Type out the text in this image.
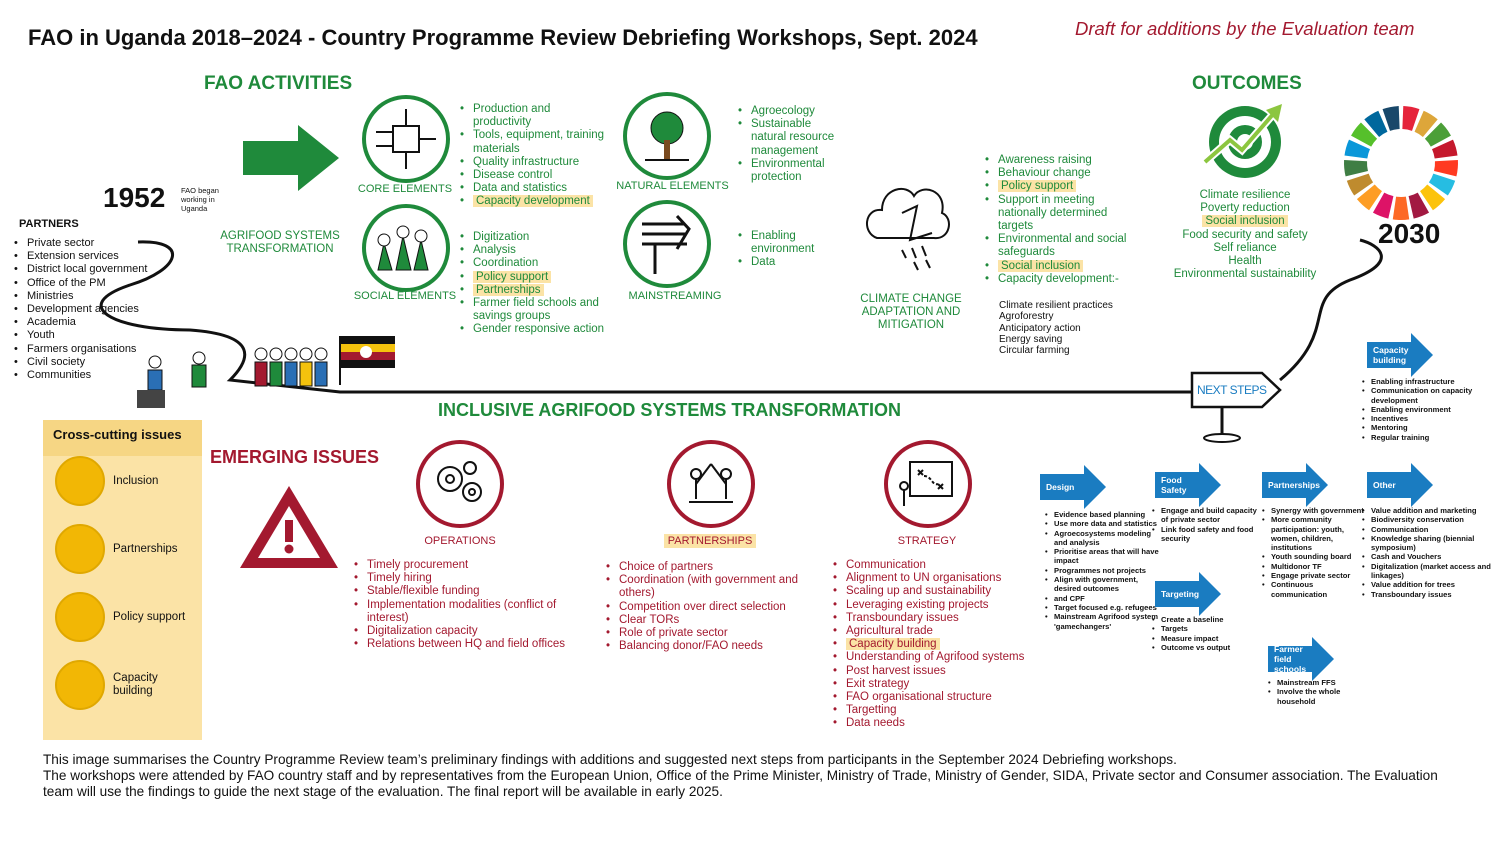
FAO in Uganda 2018–2024 - Country Programme Review Debriefing Workshops, Sept. 2024	Draft for additions by the Evaluation team
FAO ACTIVITIES
1952 FAO began working in Uganda
PARTNERS
• Private sector
• Extension services
• District local government
• Office of the PM
• Ministries
• Development agencies
• Academia
• Youth
• Farmers organisations
• Civil society
• Communities
AGRIFOOD SYSTEMS TRANSFORMATION
NEXT STEPS
INCLUSIVE AGRIFOOD SYSTEMS TRANSFORMATION
CORE ELEMENTS
• Production and productivity
• Tools, equipment, training materials
• Quality infrastructure
• Disease control
• Data and statistics
• Capacity development
SOCIAL ELEMENTS
• Digitization
• Analysis
• Coordination
• Policy support
• Partnerships
• Farmer field schools and savings groups
• Gender responsive action
NATURAL ELEMENTS
• Agroecology
• Sustainable natural resource management
• Environmental protection
MAINSTREAMING
• Enabling environment
• Data
CLIMATE CHANGE ADAPTATION AND MITIGATION
• Awareness raising
• Behaviour change
• Policy support
• Support in meeting nationally determined targets
• Environmental and social safeguards
• Social inclusion
• Capacity development:-
Climate resilient practices
Agroforestry
Anticipatory action
Energy saving
Circular farming
OUTCOMES
Climate resilience
Poverty reduction
Social inclusion
Food security and safety
Self reliance
Health
Environmental sustainability
2030
Cross-cutting issues
Inclusion
Partnerships
Policy support
Capacity building
EMERGING ISSUES
OPERATIONS
• Timely procurement
• Timely hiring
• Stable/flexible funding
• Implementation modalities (conflict of interest)
• Digitalization capacity
• Relations between HQ and field offices
PARTNERSHIPS
• Choice of partners
• Coordination (with government and others)
• Competition over direct selection
• Clear TORs
• Role of private sector
• Balancing donor/FAO needs
STRATEGY
• Communication
• Alignment to UN organisations
• Scaling up and sustainability
• Leveraging existing projects
• Transboundary issues
• Agricultural trade
• Capacity building
• Understanding of Agrifood systems
• Post harvest issues
• Exit strategy
• FAO organisational structure
• Targetting
• Data needs
Design
• Evidence based planning
• Use more data and statistics
• Agroecosystems modeling and analysis
• Prioritise areas that will have impact
• Programmes not projects
• Align with government, desired outcomes
• and CPF
• Target focused e.g. refugees
• Mainstream Agrifood system 'gamechangers'
Food Safety
• Engage and build capacity of private sector
• Link food safety and food security
Targeting
• Create a baseline
• Targets
• Measure impact
• Outcome vs output
Partnerships
• Synergy with government
• More community participation: youth, women, children, institutions
• Youth sounding board
• Multidonor TF
• Engage private sector
• Continuous communication
Farmer field schools
• Mainstream FFS
• Involve the whole household
Capacity building
• Enabling infrastructure
• Communication on capacity development
• Enabling environment
• Incentives
• Mentoring
• Regular training
Other
• Value addition and marketing
• Biodiversity conservation
• Communication
• Knowledge sharing (biennial symposium)
• Cash and Vouchers
• Digitalization (market access and linkages)
• Value addition for trees
• Transboundary issues
This image summarises the Country Programme Review team’s preliminary findings with additions and suggested next steps from participants in the September 2024 Debriefing workshops.
The workshops were attended by FAO country staff and by representatives from the European Union, Office of the Prime Minister, Ministry of Trade, Ministry of Gender, SIDA, Private sector and Consumer association. The Evaluation team will use the findings to guide the next stage of the evaluation. The final report will be available in early 2025.
